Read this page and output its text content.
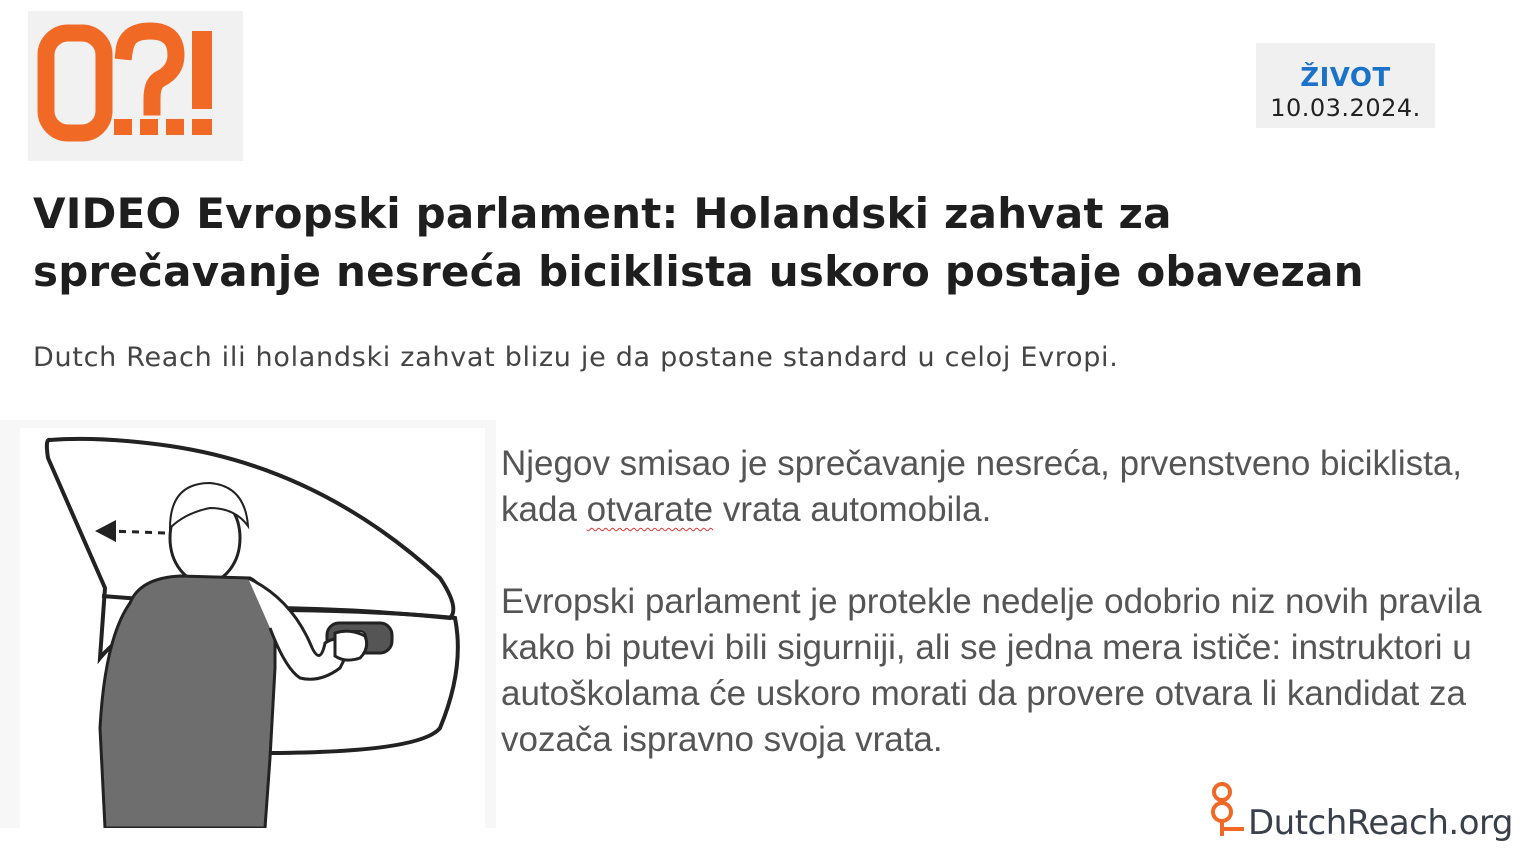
ŽIVOT
10.03.2024.
VIDEO Evropski parlament: Holandski zahvat za sprečavanje nesreća biciklista uskoro postaje obavezan

Dutch Reach ili holandski zahvat blizu je da postane standard u celoj Evropi.

Njegov smisao je sprečavanje nesreća, prvenstveno biciklista, kada otvarate vrata automobila.

Evropski parlament je protekle nedelje odobrio niz novih pravila kako bi putevi bili sigurniji, ali se jedna mera ističe: instruktori u autoškolama će uskoro morati da provere otvara li kandidat za vozača ispravno svoja vrata.

DutchReach.org
